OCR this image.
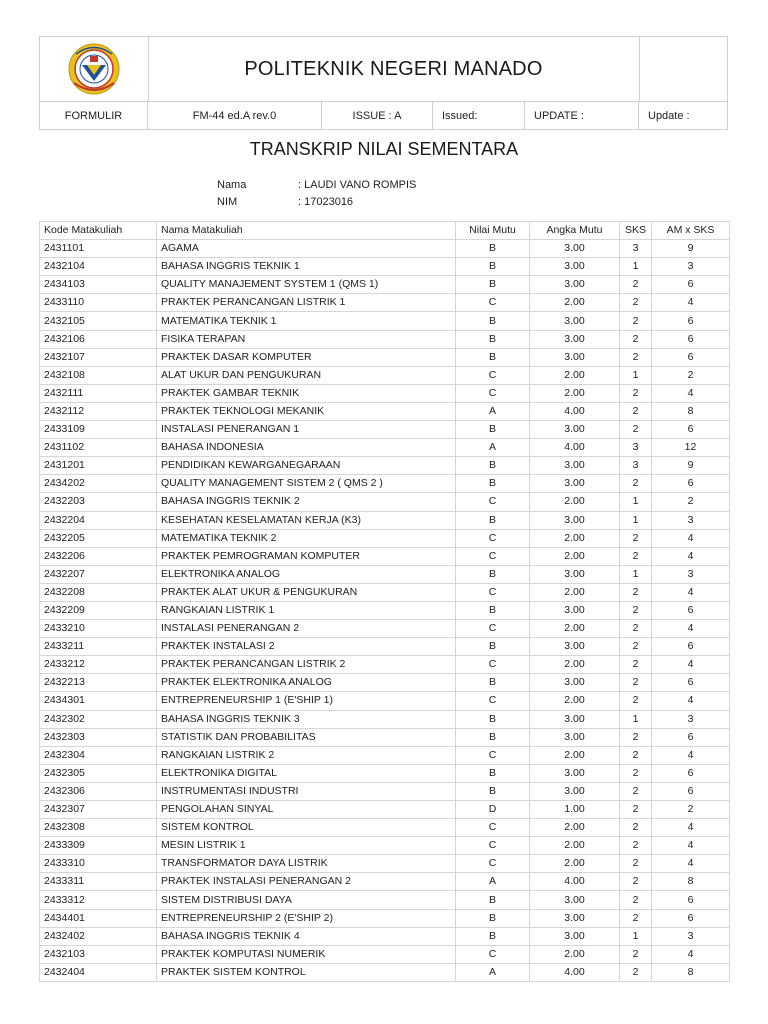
POLITEKNIK NEGERI MANADO
FORMULIR	FM-44 ed.A rev.0	ISSUE : A	Issued:	UPDATE :	Update :
TRANSKRIP NILAI SEMENTARA
Nama	: LAUDI VANO ROMPIS
NIM	: 17023016
Kode Matakuliah	Nama Matakuliah	Nilai Mutu	Angka Mutu	SKS	AM x SKS
2431101	AGAMA	B	3.00	3	9
2432104	BAHASA INGGRIS TEKNIK 1	B	3.00	1	3
2434103	QUALITY MANAJEMENT SYSTEM 1 (QMS 1)	B	3.00	2	6
2433110	PRAKTEK PERANCANGAN LISTRIK 1	C	2.00	2	4
2432105	MATEMATIKA TEKNIK 1	B	3.00	2	6
2432106	FISIKA TERAPAN	B	3.00	2	6
2432107	PRAKTEK DASAR KOMPUTER	B	3.00	2	6
2432108	ALAT UKUR DAN PENGUKURAN	C	2.00	1	2
2432111	PRAKTEK GAMBAR TEKNIK	C	2.00	2	4
2432112	PRAKTEK TEKNOLOGI MEKANIK	A	4.00	2	8
2433109	INSTALASI PENERANGAN 1	B	3.00	2	6
2431102	BAHASA INDONESIA	A	4.00	3	12
2431201	PENDIDIKAN KEWARGANEGARAAN	B	3.00	3	9
2434202	QUALITY MANAGEMENT SISTEM 2 ( QMS 2 )	B	3.00	2	6
2432203	BAHASA INGGRIS TEKNIK 2	C	2.00	1	2
2432204	KESEHATAN KESELAMATAN KERJA (K3)	B	3.00	1	3
2432205	MATEMATIKA TEKNIK 2	C	2.00	2	4
2432206	PRAKTEK PEMROGRAMAN KOMPUTER	C	2.00	2	4
2432207	ELEKTRONIKA ANALOG	B	3.00	1	3
2432208	PRAKTEK ALAT UKUR & PENGUKURAN	C	2.00	2	4
2432209	RANGKAIAN LISTRIK 1	B	3.00	2	6
2433210	INSTALASI PENERANGAN 2	C	2.00	2	4
2433211	PRAKTEK INSTALASI 2	B	3.00	2	6
2433212	PRAKTEK PERANCANGAN LISTRIK 2	C	2.00	2	4
2432213	PRAKTEK ELEKTRONIKA ANALOG	B	3.00	2	6
2434301	ENTREPRENEURSHIP 1 (E'SHIP 1)	C	2.00	2	4
2432302	BAHASA INGGRIS TEKNIK 3	B	3.00	1	3
2432303	STATISTIK DAN PROBABILITAS	B	3.00	2	6
2432304	RANGKAIAN LISTRIK 2	C	2.00	2	4
2432305	ELEKTRONIKA DIGITAL	B	3.00	2	6
2432306	INSTRUMENTASI INDUSTRI	B	3.00	2	6
2432307	PENGOLAHAN SINYAL	D	1.00	2	2
2432308	SISTEM KONTROL	C	2.00	2	4
2433309	MESIN LISTRIK 1	C	2.00	2	4
2433310	TRANSFORMATOR DAYA LISTRIK	C	2.00	2	4
2433311	PRAKTEK INSTALASI PENERANGAN 2	A	4.00	2	8
2433312	SISTEM DISTRIBUSI DAYA	B	3.00	2	6
2434401	ENTREPRENEURSHIP 2 (E'SHIP 2)	B	3.00	2	6
2432402	BAHASA INGGRIS TEKNIK 4	B	3.00	1	3
2432103	PRAKTEK KOMPUTASI NUMERIK	C	2.00	2	4
2432404	PRAKTEK SISTEM KONTROL	A	4.00	2	8
